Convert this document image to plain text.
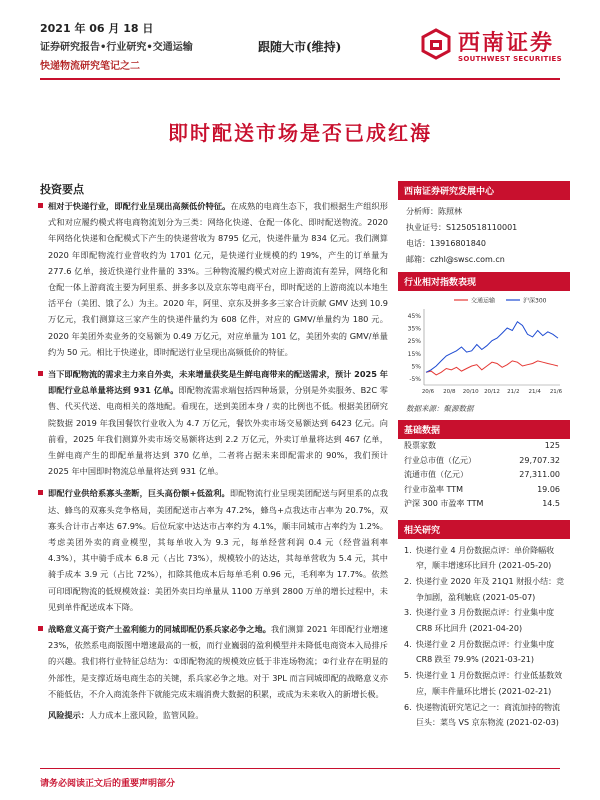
2021 年 06 月 18 日
证券研究报告•行业研究•交通运输
快递物流研究笔记之二
跟随大市(维持)	西南证券
SOUTHWEST SECURITIES
即时配送市场是否已成红海
投资要点
相对于快递行业，即配行业呈现出高频低价特征。在成熟的电商生态下，我们根据生产组织形式和对应履约模式将电商物流划分为三类：网络化快递、仓配一体化、即时配送物流。2020 年网络化快递和仓配模式下产生的快递营收为 8795 亿元，快递件量为 834 亿元。我们测算 2020 年即配物流行业营收约为 1701 亿元，是快递行业规模的约 19%，产生的订单量为 277.6 亿单，接近快递行业件量的 33%。三种物流履约模式对应上游商流有差异，网络化和仓配一体上游商流主要为阿里系、拼多多以及京东等电商平台，即时配送的上游商流以本地生活平台（美团、饿了么）为主。2020 年，阿里、京东及拼多多三家合计贡献 GMV 达到 10.9 万亿元，我们测算这三家产生的快递件量约为 608 亿件，对应的 GMV/单量约为 180 元。2020 年美团外卖业务的交易额为 0.49 万亿元，对应单量为 101 亿，美团外卖的 GMV/单量约为 50 元。相比于快递业，即时配送行业呈现出高频低价的特征。
当下即配物流的需求主力来自外卖，未来增量获奖是生鲜电商带来的配送需求，预计 2025 年即配行业总单量将达到 931 亿单。即配物流需求端包括四种场景，分别是外卖服务、B2C 零售、代买代送、电商相关的落地配。看现在，送到美团本身 / 卖的比例也不低。根据美团研究院数据 2019 年我国餐饮行业收入为 4.7 万亿元，餐饮外卖市场交易额达到 6423 亿元。向前看，2025 年我们测算外卖市场交易额将达到 2.2 万亿元，外卖订单量将达到 467 亿单，生鲜电商产生的即配单量将达到 370 亿单，二者将占据未来即配需求的 90%，我们预计 2025 年中国即时物流总单量将达到 931 亿单。
即配行业供给系寡头垄断，巨头高份额+低盈利。即配物流行业呈现美团配送与阿里系的点我达、蜂鸟的双寡头竞争格局，美团配送市占率为 47.2%，蜂鸟+点我达市占率为 20.7%，双寡头合计市占率达 67.9%。后位玩家中达达市占率约为 4.1%，顺丰同城市占率约为 1.2%。考虑美团外卖的商业模型，其每单收入为 9.3 元，每单经营利润 0.4 元（经营溢利率 4.3%），其中骑手成本 6.8 元（占比 73%），规模较小的达达，其每单营收为 5.4 元，其中骑手成本 3.9 元（占比 72%），扣除其他成本后每单毛利 0.96 元，毛利率为 17.7%。依然可印即配物流的低规模效益：美团外卖日均单量从 1100 万单到 2800 万单的增长过程中，未见到单件配送成本下降。
战略意义高于资产土盈利能力的同城即配仍系兵家必争之地。我们测算 2021 年即配行业增速 23%，依然系电商版图中增速最高的一板，而行业巍弱的盈利模型并未降低电商资本入局排斥的兴趣。我们将行业特征总结为：①即配物流的规模效应低于非连场物流；②行业存在明显的外部性，是支撑近场电商生态的关键，系兵家必争之地。对于 3PL 而言同城即配的战略意义亦不能低估，不介入商流条件下就能完成末端消费大数据的积累，或成为未来收入的新增长极。
风险提示：人力成本上涨风险，监管风险。
西南证券研究发展中心
分析师：陈照林
执业证号：S1250518110001
电话：13916801840
邮箱：czhl@swsc.com.cn
行业相对指数表现
45%
35%
25%
15%
5%
-5%
20/6 20/8 20/10 20/12 21/2 21/4 21/6
交通运输	沪深300
数据来源：聚源数据
基础数据
股票家数	125
行业总市值（亿元）	29,707.32
流通市值（亿元）	27,311.00
行业市盈率 TTM	19.06
沪深 300 市盈率 TTM	14.5
相关研究
1. 快递行业 4 月份数据点评：单价降幅收窄，顺丰增速环比回升 (2021-05-20)
2. 快递行业 2020 年及 21Q1 财报小结：竞争加剧，盈利触底 (2021-05-07)
3. 快递行业 3 月份数据点评：行业集中度 CR8 环比回升 (2021-04-20)
4. 快递行业 2 月份数据点评：行业集中度 CR8 跌至 79.9% (2021-03-21)
5. 快递行业 1 月份数据点评：行业低基数效应，顺丰件量环比增长 (2021-02-21)
6. 快递物流研究笔记之一：商流加持的物流巨头：菜鸟 VS 京东物流 (2021-02-03)
请务必阅读正文后的重要声明部分
